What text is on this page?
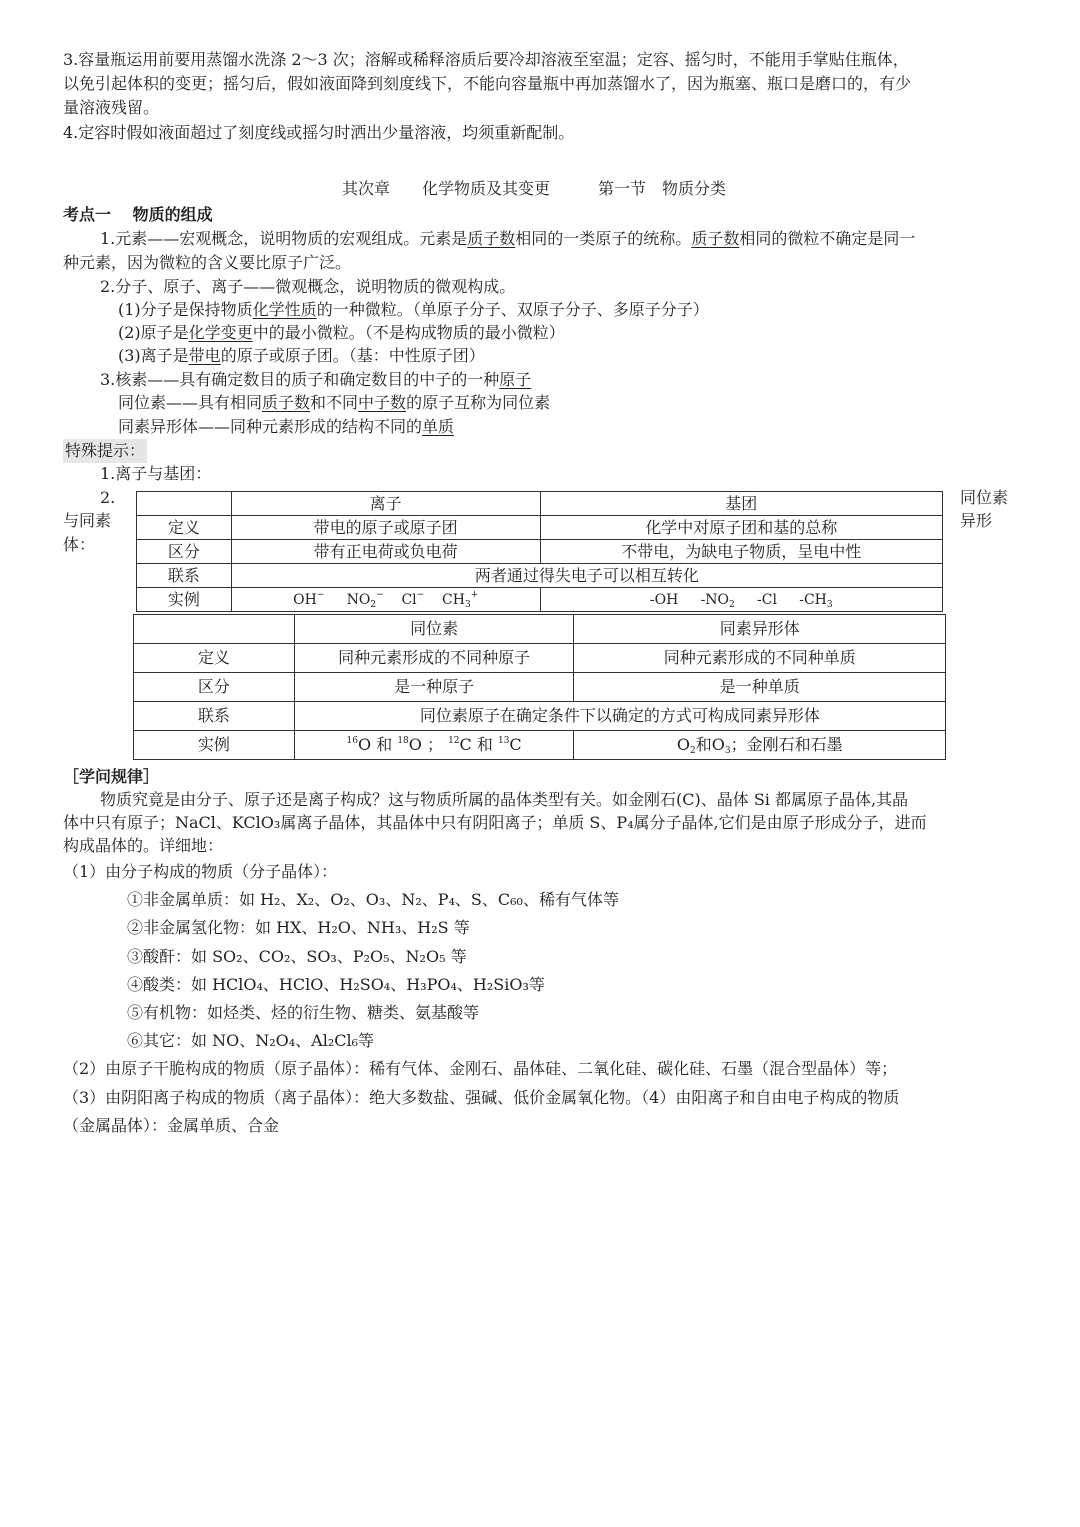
3.容量瓶运用前要用蒸馏水洗涤 2～3 次；溶解或稀释溶质后要冷却溶液至室温；定容、摇匀时，不能用手掌贴住瓶体，
以免引起体积的变更；摇匀后，假如液面降到刻度线下，不能向容量瓶中再加蒸馏水了，因为瓶塞、瓶口是磨口的，有少
量溶液残留。
4.定容时假如液面超过了刻度线或摇匀时洒出少量溶液，均须重新配制。
其次章　　化学物质及其变更　　　第一节　物质分类
考点一　 物质的组成
1.元素——宏观概念，说明物质的宏观组成。元素是质子数相同的一类原子的统称。质子数相同的微粒不确定是同一
种元素，因为微粒的含义要比原子广泛。
2.分子、原子、离子——微观概念，说明物质的微观构成。
(1)分子是保持物质化学性质的一种微粒。（单原子分子、双原子分子、多原子分子）
(2)原子是化学变更中的最小微粒。（不是构成物质的最小微粒）
(3)离子是带电的原子或原子团。（基：中性原子团）
3.核素——具有确定数目的质子和确定数目的中子的一种原子
同位素——具有相同质子数和不同中子数的原子互称为同位素
同素异形体——同种元素形成的结构不同的单质
特殊提示：
1.离子与基团：
2.
与同素
体：
同位素
异形
	离子	基团
定义	带电的原子或原子团	化学中对原子团和基的总称
区分	带有正电荷或负电荷	不带电，为缺电子物质，呈电中性
联系	两者通过得失电子可以相互转化	
实例	OH− $NO_2^-$ Cl− $CH_3^+$	-OH $-NO_2$ -Cl $-CH_3$
	同位素	同素异形体
定义	同种元素形成的不同种原子	同种元素形成的不同种单质
区分	是一种原子	是一种单质
联系	同位素原子在确定条件下以确定的方式可构成同素异形体	
实例	$^{16}$O 和 $^{18}$O ； $^{12}$C 和 $^{13}$C	$O_2$和$O_3$；金刚石和石墨
［学问规律］
物质究竟是由分子、原子还是离子构成？这与物质所属的晶体类型有关。如金刚石(C)、晶体 Si 都属原子晶体,其晶
体中只有原子；NaCl、KClO₃属离子晶体，其晶体中只有阴阳离子；单质 S、P₄属分子晶体,它们是由原子形成分子，进而
构成晶体的。详细地：
（1）由分子构成的物质（分子晶体）：
①非金属单质：如 H₂、X₂、O₂、O₃、N₂、P₄、S、C₆₀、稀有气体等
②非金属氢化物：如 HX、H₂O、NH₃、H₂S 等
③酸酐：如 SO₂、CO₂、SO₃、P₂O₅、N₂O₅ 等
④酸类：如 HClO₄、HClO、H₂SO₄、H₃PO₄、H₂SiO₃等
⑤有机物：如烃类、烃的衍生物、糖类、氨基酸等
⑥其它：如 NO、N₂O₄、Al₂Cl₆等
（2）由原子干脆构成的物质（原子晶体）：稀有气体、金刚石、晶体硅、二氧化硅、碳化硅、石墨（混合型晶体）等；
（3）由阴阳离子构成的物质（离子晶体）：绝大多数盐、强碱、低价金属氧化物。（4）由阳离子和自由电子构成的物质
（金属晶体）：金属单质、合金
